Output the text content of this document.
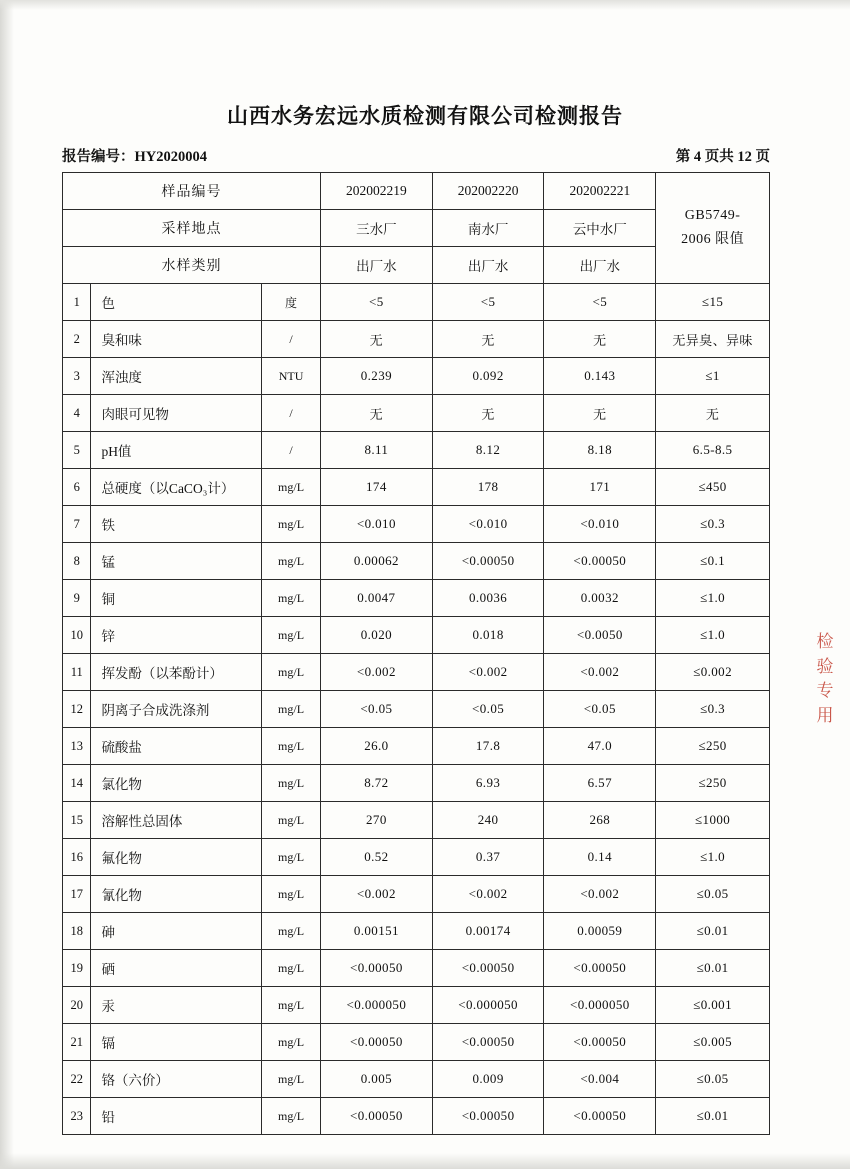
山西水务宏远水质检测有限公司检测报告
报告编号：HY2020004	第 4 页共 12 页
样品编号			202002219	202002220	202002221	GB5749-
2006 限值

采样地点			三水厂	南水厂	云中水厂	
水样类别			出厂水	出厂水	出厂水	
1	色	度	<5	<5	<5	≤15
2	臭和味	/	无	无	无	无异臭、异味
3	浑浊度	NTU	0.239	0.092	0.143	≤1
4	肉眼可见物	/	无	无	无	无
5	pH值	/	8.11	8.12	8.18	6.5-8.5
6	总硬度（以CaCO₃计）	mg/L	174	178	171	≤450
7	铁	mg/L	<0.010	<0.010	<0.010	≤0.3
8	锰	mg/L	0.00062	<0.00050	<0.00050	≤0.1
9	铜	mg/L	0.0047	0.0036	0.0032	≤1.0
10	锌	mg/L	0.020	0.018	<0.0050	≤1.0
11	挥发酚（以苯酚计）	mg/L	<0.002	<0.002	<0.002	≤0.002
12	阴离子合成洗涤剂	mg/L	<0.05	<0.05	<0.05	≤0.3
13	硫酸盐	mg/L	26.0	17.8	47.0	≤250
14	氯化物	mg/L	8.72	6.93	6.57	≤250
15	溶解性总固体	mg/L	270	240	268	≤1000
16	氟化物	mg/L	0.52	0.37	0.14	≤1.0
17	氰化物	mg/L	<0.002	<0.002	<0.002	≤0.05
18	砷	mg/L	0.00151	0.00174	0.00059	≤0.01
19	硒	mg/L	<0.00050	<0.00050	<0.00050	≤0.01
20	汞	mg/L	<0.000050	<0.000050	<0.000050	≤0.001
21	镉	mg/L	<0.00050	<0.00050	<0.00050	≤0.005
22	铬（六价）	mg/L	0.005	0.009	<0.004	≤0.05
23	铅	mg/L	<0.00050	<0.00050	<0.00050	≤0.01
检
验
专
用
